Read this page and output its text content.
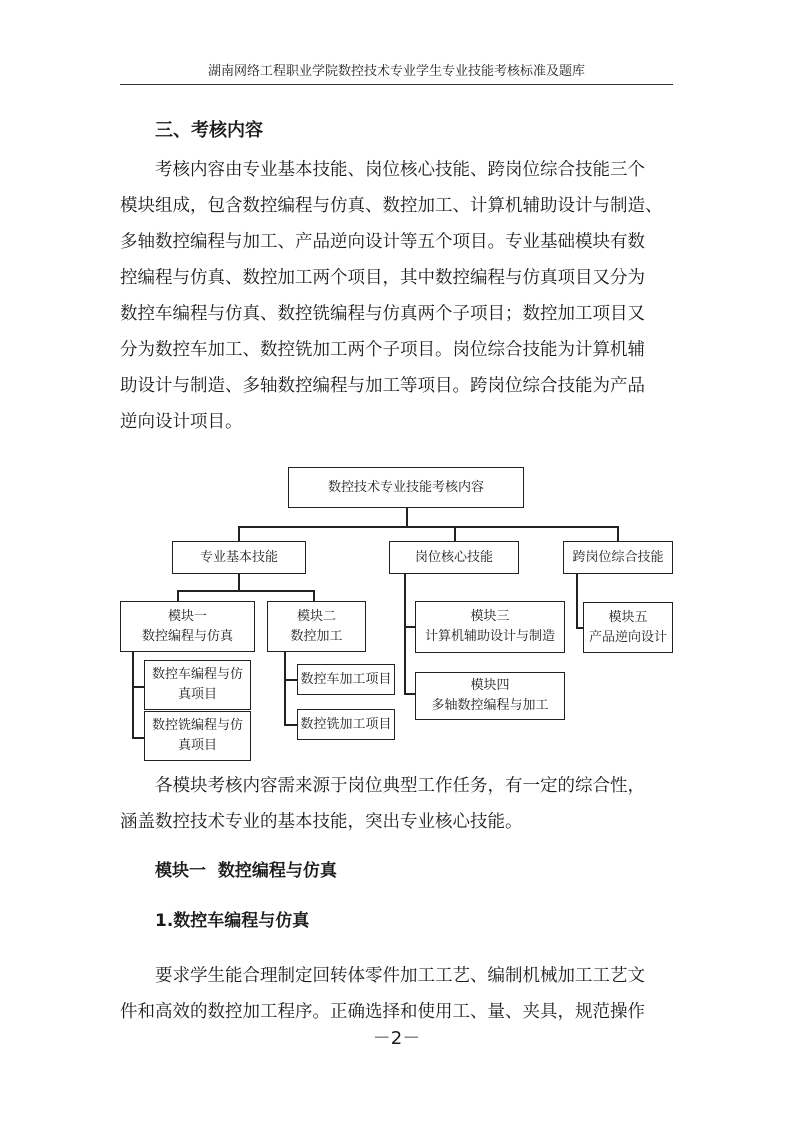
湖南网络工程职业学院数控技术专业学生专业技能考核标准及题库
三、考核内容

考核内容由专业基本技能、岗位核心技能、跨岗位综合技能三个

模块组成，包含数控编程与仿真、数控加工、计算机辅助设计与制造、

多轴数控编程与加工、产品逆向设计等五个项目。专业基础模块有数

控编程与仿真、数控加工两个项目，其中数控编程与仿真项目又分为

数控车编程与仿真、数控铣编程与仿真两个子项目；数控加工项目又

分为数控车加工、数控铣加工两个子项目。岗位综合技能为计算机辅

助设计与制造、多轴数控编程与加工等项目。跨岗位综合技能为产品

逆向设计项目。

数控技术专业技能考核内容
专业基本技能	岗位核心技能	跨岗位综合技能
模块一
数控编程与仿真
模块二
数控加工
数控车编程与仿
真项目
数控铣编程与仿
真项目
数控车加工项目
数控铣加工项目
模块三
计算机辅助设计与制造
模块四
多轴数控编程与加工
模块五
产品逆向设计

各模块考核内容需来源于岗位典型工作任务，有一定的综合性，

涵盖数控技术专业的基本技能，突出专业核心技能。

模块一  数控编程与仿真
1.数控车编程与仿真

要求学生能合理制定回转体零件加工工艺、编制机械加工工艺文

件和高效的数控加工程序。正确选择和使用工、量、夹具，规范操作

－2－
